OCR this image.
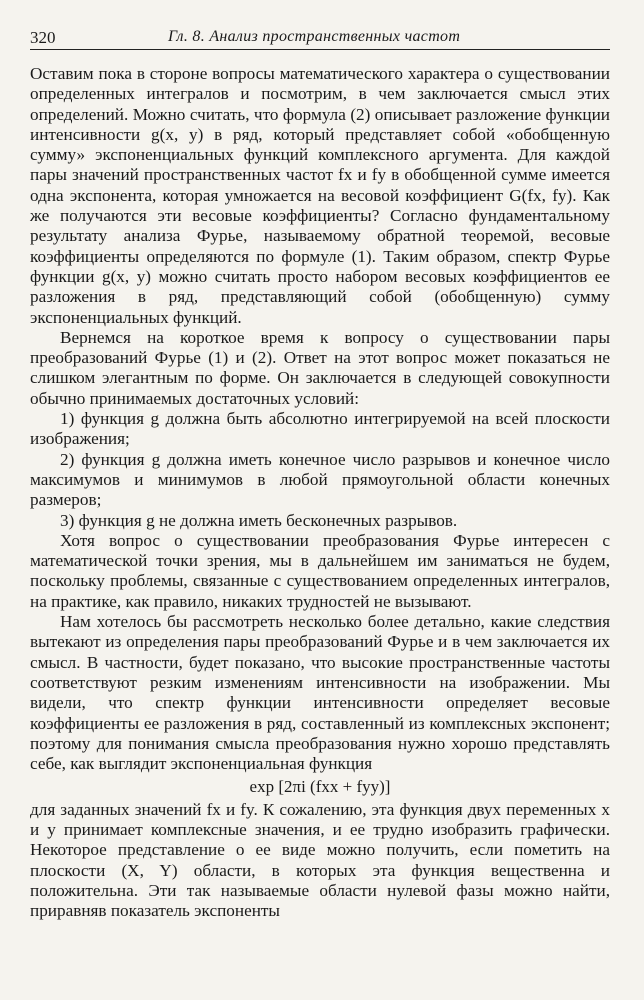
320	Гл. 8. Анализ пространственных частот

Оставим пока в стороне вопросы математического характера о существовании определенных интегралов и посмотрим, в чем заключается смысл этих определений. Можно считать, что формула (2) описывает разложение функции интенсивности g(x, y) в ряд, который представляет собой «обобщенную сумму» экспоненциальных функций комплексного аргумента. Для каждой пары значений пространственных частот fx и fy в обобщенной сумме имеется одна экспонента, которая умножается на весовой коэффициент G(fx, fy). Как же получаются эти весовые коэффициенты? Согласно фундаментальному результату анализа Фурье, называемому обратной теоремой, весовые коэффициенты определяются по формуле (1). Таким образом, спектр Фурье функции g(x, y) можно считать просто набором весовых коэффициентов ее разложения в ряд, представляющий собой (обобщенную) сумму экспоненциальных функций.

Вернемся на короткое время к вопросу о существовании пары преобразований Фурье (1) и (2). Ответ на этот вопрос может показаться не слишком элегантным по форме. Он заключается в следующей совокупности обычно принимаемых достаточных условий:

1) функция g должна быть абсолютно интегрируемой на всей плоскости изображения;

2) функция g должна иметь конечное число разрывов и конечное число максимумов и минимумов в любой прямоугольной области конечных размеров;

3) функция g не должна иметь бесконечных разрывов.

Хотя вопрос о существовании преобразования Фурье интересен с математической точки зрения, мы в дальнейшем им заниматься не будем, поскольку проблемы, связанные с существованием определенных интегралов, на практике, как правило, никаких трудностей не вызывают.

Нам хотелось бы рассмотреть несколько более детально, какие следствия вытекают из определения пары преобразований Фурье и в чем заключается их смысл. В частности, будет показано, что высокие пространственные частоты соответствуют резким изменениям интенсивности на изображении. Мы видели, что спектр функции интенсивности определяет весовые коэффициенты ее разложения в ряд, составленный из комплексных экспонент; поэтому для понимания смысла преобразования нужно хорошо представлять себе, как выглядит экспоненциальная функция

exp [2πi (fxx + fyy)]

для заданных значений fx и fy. К сожалению, эта функция двух переменных x и y принимает комплексные значения, и ее трудно изобразить графически. Некоторое представление о ее виде можно получить, если пометить на плоскости (X, Y) области, в которых эта функция вещественна и положительна. Эти так называемые области нулевой фазы можно найти, приравняв показатель экспоненты
